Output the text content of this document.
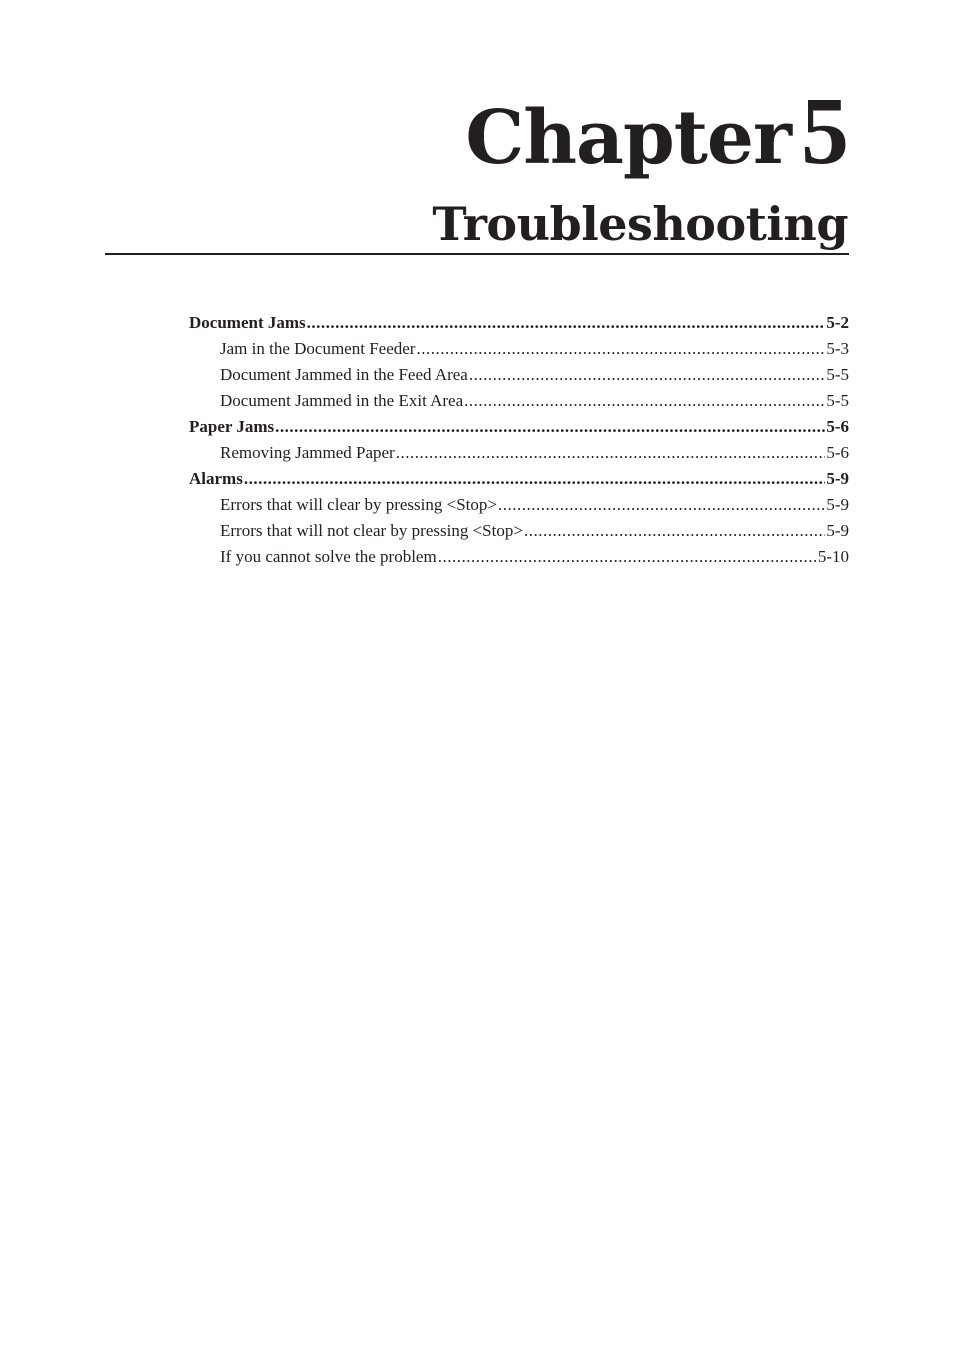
Chapter 5
Troubleshooting
Document Jams .....	5-2
Jam in the Document Feeder .....	5-3
Document Jammed in the Feed Area .....	5-5
Document Jammed in the Exit Area .....	5-5
Paper Jams .....	5-6
Removing Jammed Paper .....	5-6
Alarms .....	5-9
Errors that will clear by pressing <Stop> .....	5-9
Errors that will not clear by pressing <Stop> .....	5-9
If you cannot solve the problem .....	5-10
